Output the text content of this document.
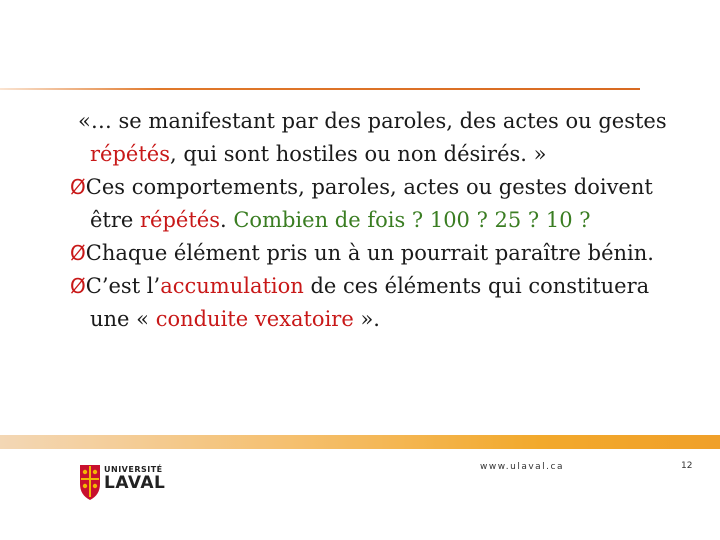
«… se manifestant par des paroles, des actes ou gestes répétés, qui sont hostiles ou non désirés. »

ØCes comportements, paroles, actes ou gestes doivent être répétés. Combien de fois ? 100 ? 25 ? 10 ?

ØChaque élément pris un à un pourrait paraître bénin.

ØC’est l’accumulation de ces éléments qui constituera une « conduite vexatoire ».

UNIVERSITÉ
LAVAL
www.ulaval.ca	12
